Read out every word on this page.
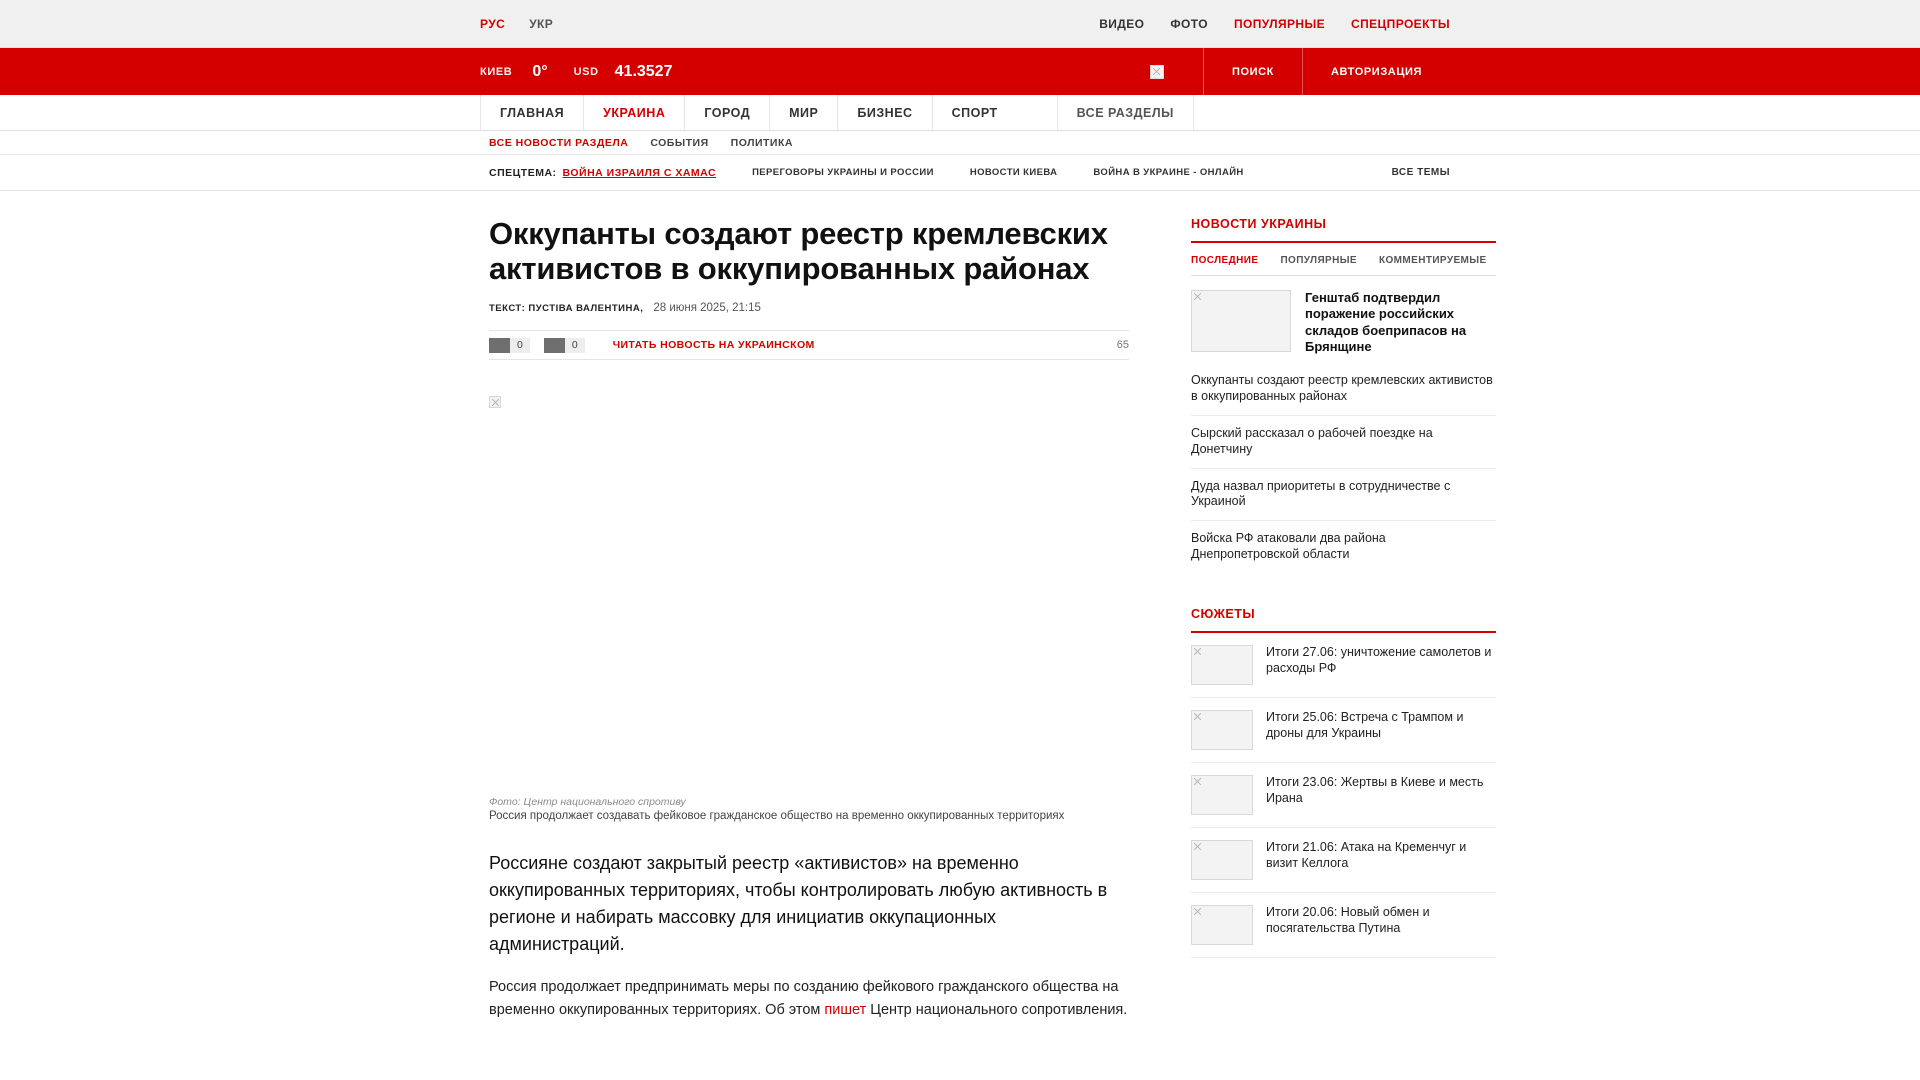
РУС УКР	ВИДЕО ФОТО ПОПУЛЯРНЫЕ СПЕЦПРОЕКТЫ
КИЕВ 0° USD 41.3527	ПОИСК	АВТОРИЗАЦИЯ
ГЛАВНАЯ	УКРАИНА	ГОРОД	МИР	БИЗНЕС	СПОРТ	ВСЕ РАЗДЕЛЫ
ВСЕ НОВОСТИ РАЗДЕЛА СОБЫТИЯ ПОЛИТИКА
СПЕЦТЕМА: ВОЙНА ИЗРАИЛЯ С ХАМАС	ПЕРЕГОВОРЫ УКРАИНЫ И РОССИИ	НОВОСТИ КИЕВА	ВОЙНА В УКРАИНЕ - ОНЛАЙН	ВСЕ ТЕМЫ
Оккупанты создают реестр кремлевских активистов в оккупированных районах
ТЕКСТ: ПУСТІВА ВАЛЕНТИНА, 28 июня 2025, 21:15
0	0	ЧИТАТЬ НОВОСТЬ НА УКРАИНСКОМ	65
Фото: Центр национального спротиву
Россия продолжает создавать фейковое гражданское общество на временно оккупированных территориях

Россияне создают закрытый реестр «активистов» на временно оккупированных территориях, чтобы контролировать любую активность в регионе и набирать массовку для инициатив оккупационных администраций.

Россия продолжает предпринимать меры по созданию фейкового гражданского общества на временно оккупированных территориях. Об этом пишет Центр национального сопротивления.

НОВОСТИ УКРАИНЫ
ПОСЛЕДНИЕ ПОПУЛЯРНЫЕ КОММЕНТИРУЕМЫЕ
Генштаб подтвердил поражение российских складов боеприпасов на Брянщине
Оккупанты создают реестр кремлевских активистов в оккупированных районах
Сырский рассказал о рабочей поездке на Донетчину
Дуда назвал приоритеты в сотрудничестве с Украиной
Войска РФ атаковали два района Днепропетровской области
СЮЖЕТЫ
Итоги 27.06: уничтожение самолетов и расходы РФ
Итоги 25.06: Встреча с Трампом и дроны для Украины
Итоги 23.06: Жертвы в Киеве и месть Ирана
Итоги 21.06: Атака на Кременчуг и визит Келлога
Итоги 20.06: Новый обмен и посягательства Путина
